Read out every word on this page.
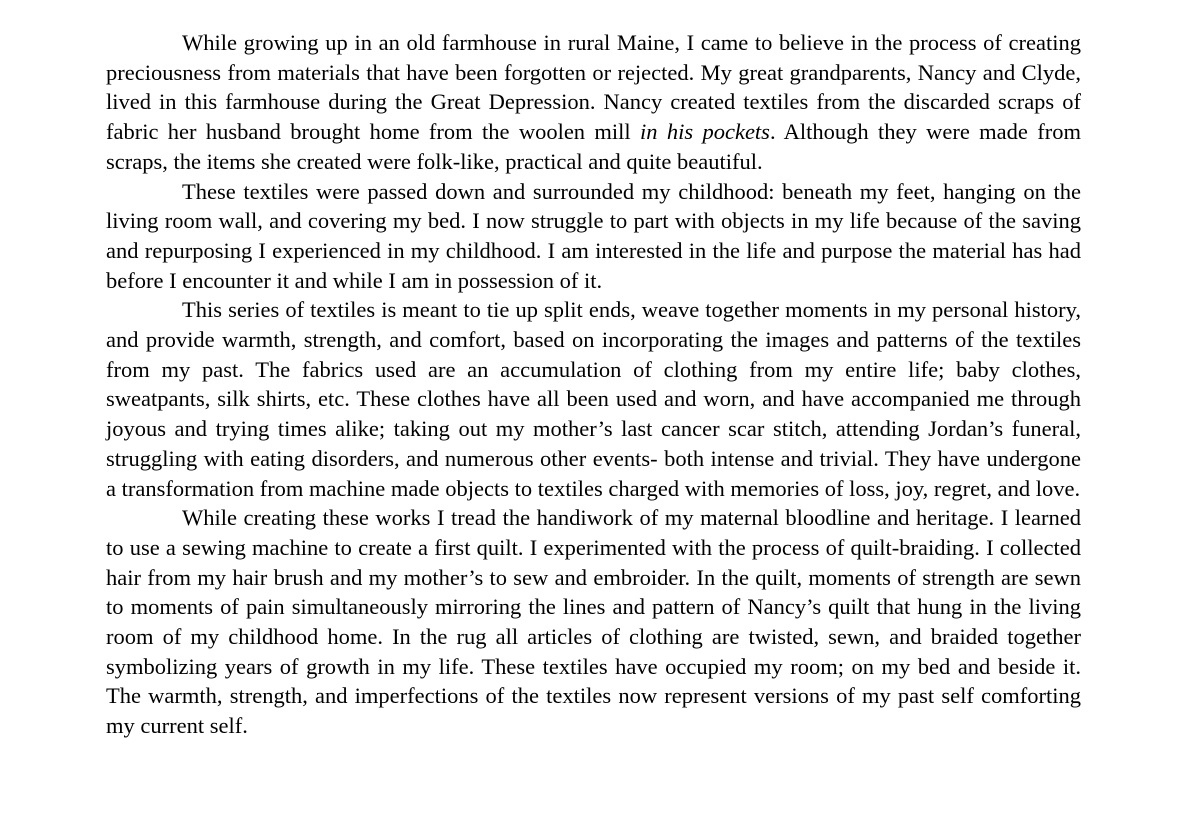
While growing up in an old farmhouse in rural Maine, I came to believe in the process of creating preciousness from materials that have been forgotten or rejected. My great grandparents, Nancy and Clyde, lived in this farmhouse during the Great Depression. Nancy created textiles from the discarded scraps of fabric her husband brought home from the woolen mill in his pockets. Although they were made from scraps, the items she created were folk-like, practical and quite beautiful.

These textiles were passed down and surrounded my childhood: beneath my feet, hanging on the living room wall, and covering my bed. I now struggle to part with objects in my life because of the saving and repurposing I experienced in my childhood. I am interested in the life and purpose the material has had before I encounter it and while I am in possession of it.

This series of textiles is meant to tie up split ends, weave together moments in my personal history, and provide warmth, strength, and comfort, based on incorporating the images and patterns of the textiles from my past. The fabrics used are an accumulation of clothing from my entire life; baby clothes, sweatpants, silk shirts, etc. These clothes have all been used and worn, and have accompanied me through joyous and trying times alike; taking out my mother’s last cancer scar stitch, attending Jordan’s funeral, struggling with eating disorders, and numerous other events- both intense and trivial. They have undergone a transformation from machine made objects to textiles charged with memories of loss, joy, regret, and love.

While creating these works I tread the handiwork of my maternal bloodline and heritage. I learned to use a sewing machine to create a first quilt. I experimented with the process of quilt-braiding. I collected hair from my hair brush and my mother’s to sew and embroider. In the quilt, moments of strength are sewn to moments of pain simultaneously mirroring the lines and pattern of Nancy’s quilt that hung in the living room of my childhood home. In the rug all articles of clothing are twisted, sewn, and braided together symbolizing years of growth in my life. These textiles have occupied my room; on my bed and beside it. The warmth, strength, and imperfections of the textiles now represent versions of my past self comforting my current self.
